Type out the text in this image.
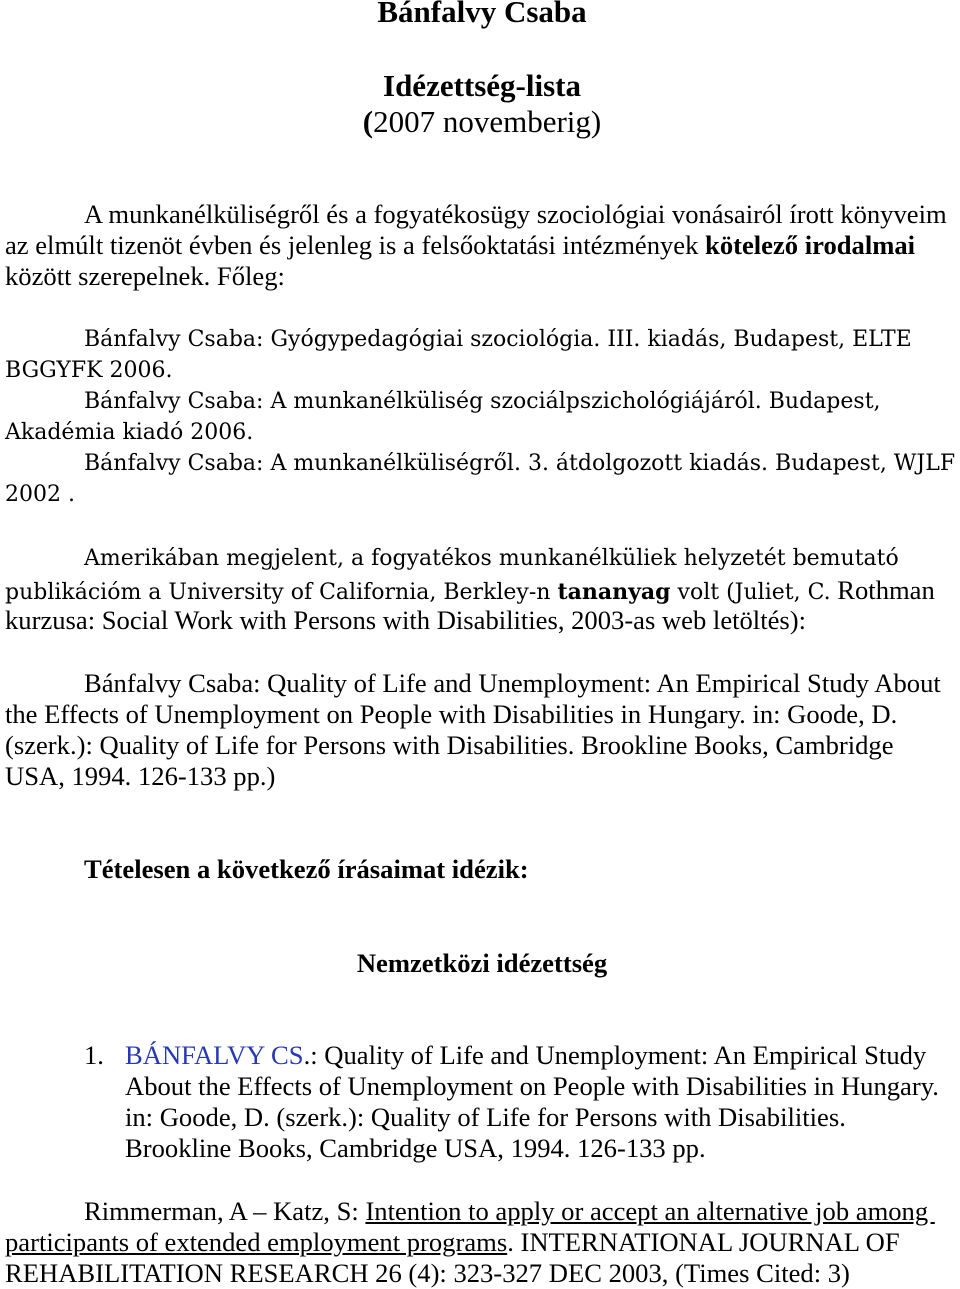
Bánfalvy Csaba
Idézettség-lista
(2007 novemberig)
A munkanélküliségről és a fogyatékosügy szociológiai vonásairól írott könyveim
az elmúlt tizenöt évben és jelenleg is a felsőoktatási intézmények kötelező irodalmai
között szerepelnek. Főleg:
Bánfalvy Csaba: Gyógypedagógiai szociológia. III. kiadás, Budapest, ELTE
BGGYFK 2006.
Bánfalvy Csaba: A munkanélküliség szociálpszichológiájáról. Budapest,
Akadémia kiadó 2006.
Bánfalvy Csaba: A munkanélküliségről. 3. átdolgozott kiadás. Budapest, WJLF
2002 .
Amerikában megjelent, a fogyatékos munkanélküliek helyzetét bemutató
publikációm a University of California, Berkley-n tananyag volt (Juliet, C. Rothman
kurzusa: Social Work with Persons with Disabilities, 2003-as web letöltés):
Bánfalvy Csaba: Quality of Life and Unemployment: An Empirical Study About
the Effects of Unemployment on People with Disabilities in Hungary. in: Goode, D.
(szerk.): Quality of Life for Persons with Disabilities. Brookline Books, Cambridge
USA, 1994. 126-133 pp.)
Tételesen a következő írásaimat idézik:
Nemzetközi idézettség
1. BÁNFALVY CS.: Quality of Life and Unemployment: An Empirical Study
About the Effects of Unemployment on People with Disabilities in Hungary.
in: Goode, D. (szerk.): Quality of Life for Persons with Disabilities.
Brookline Books, Cambridge USA, 1994. 126-133 pp.
Rimmerman, A – Katz, S: Intention to apply or accept an alternative job among
participants of extended employment programs. INTERNATIONAL JOURNAL OF
REHABILITATION RESEARCH 26 (4): 323-327 DEC 2003, (Times Cited: 3)
